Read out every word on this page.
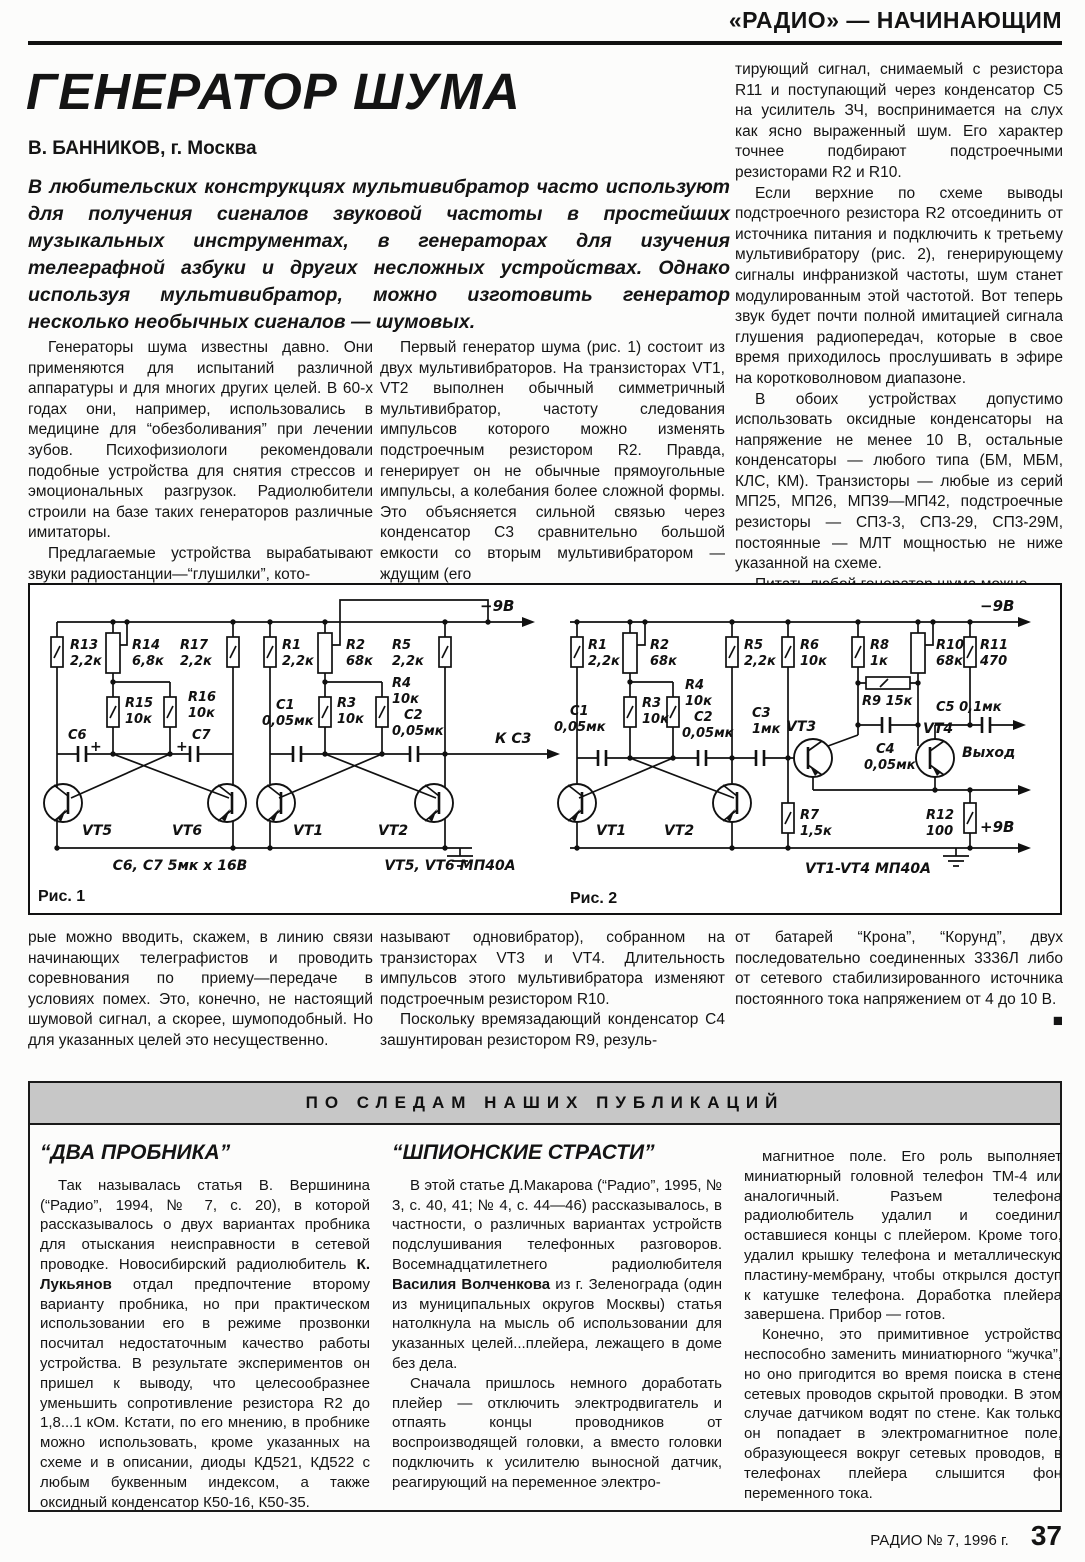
«РАДИО» — НАЧИНАЮЩИМ
ГЕНЕРАТОР ШУМА
В. БАННИКОВ, г. Москва
В любительских конструкциях мультивибратор часто используют для получения сигналов звуковой частоты в простейших музыкальных инструментах, в генераторах для изучения телеграфной азбуки и других несложных устройствах. Однако используя мультивибратор, можно изготовить генератор несколько необычных сигналов — шумовых.

Генераторы шума известны давно. Они применяются для испытаний различной аппаратуры и для многих других целей. В 60-х годах они, например, использовались в медицине для “обезболивания” при лечении зубов. Психофизиологи рекомендовали подобные устройства для снятия стрессов и эмоциональных разгрузок. Радиолюбители строили на базе таких генераторов различные имитаторы.

Предлагаемые устройства вырабатывают звуки радиостанции—“глушилки”, кото-

Первый генератор шума (рис. 1) состоит из двух мультивибраторов. На транзисторах VT1, VT2 выполнен обычный симметричный мультивибратор, частоту следования импульсов которого можно изменять подстроечным резистором R2. Правда, генерирует он не обычные прямоугольные импульсы, а колебания более сложной формы. Это объясняется сильной связью через конденсатор С3 сравнительно большой емкости со вторым мультивибратором — ждущим (его

тирующий сигнал, снимаемый с резистора R11 и поступающий через конденсатор С5 на усилитель ЗЧ, воспринимается на слух как ясно выраженный шум. Его характер точнее подбирают подстроечными резисторами R2 и R10.

Если верхние по схеме выводы подстроечного резистора R2 отсоединить от источника питания и подключить к третьему мультивибратору (рис. 2), генерирующему сигналы инфранизкой частоты, шум станет модулированным этой частотой. Вот теперь звук будет почти полной имитацией сигнала глушения радиопередач, которые в свое время приходилось прослушивать в эфире на коротковолновом диапазоне.

В обоих устройствах допустимо использовать оксидные конденсаторы на напряжение не менее 10 В, остальные конденсаторы — любого типа (БМ, МБМ, КЛС, КМ). Транзисторы — любые из серий МП25, МП26, МП39—МП42, подстроечные резисторы — СП3-3, СП3-29, СП3-29М, постоянные — МЛТ мощностью не ниже указанной на схеме.

R13
2,2к
R14
6,8к
R17
2,2к
R15
10к
R16
10к
С6
+
С7
+
VT5	VT6
R1
2,2к
R2
68к
R5
2,2к
R3
10к
R4
10к
С1
0,05мк	С2
0,05мк
VT1	VT2
К С3
−9В
С6, С7 5мк х 16В	VT5, VT6 МП40А
Рис. 1
R1
2,2к
R2
68к
R5
2,2к
R6
10к
R8
1к
R10
68к
R11
470
R3
10к
R4
10к
С1
0,05мк
С2
0,05мк
С3
1мк
R9 15к
С4
0,05мк
С5 0,1мк
VT3	VT4
VT1	VT2
R7
1,5к
R12
100
−9В
+9В
Выход
VT1-VT4 МП40А
Рис. 2

рые можно вводить, скажем, в линию связи начинающих телеграфистов и проводить соревнования по приему—передаче в условиях помех. Это, конечно, не настоящий шумовой сигнал, а скорее, шумоподобный. Но для указанных целей это несущественно.

называют одновибратор), собранном на транзисторах VT3 и VT4. Длительность импульсов этого мультивибратора изменяют подстроечным резистором R10.

Поскольку времязадающий конденсатор С4 зашунтирован резистором R9, резуль-

от батарей “Крона”, “Корунд”, двух последовательно соединенных 3336Л либо от сетевого стабилизированного источника постоянного тока напряжением от 4 до 10 В.

■

ПО СЛЕДАМ НАШИХ ПУБЛИКАЦИЙ
“ДВА ПРОБНИКА”

Так называлась статья В. Вершинина (“Радио”, 1994, № 7, с. 20), в которой рассказывалось о двух вариантах пробника для отыскания неисправности в сетевой проводке. Новосибирский радиолюбитель К. Лукьянов отдал предпочтение второму варианту пробника, но при практическом использовании его в режиме прозвонки посчитал недостаточным качество работы устройства. В результате экспериментов он пришел к выводу, что целесообразнее уменьшить сопротивление резистора R2 до 1,8...1 кОм. Кстати, по его мнению, в пробнике можно использовать, кроме указанных на схеме и в описании, диоды КД521, КД522 с любым буквенным индексом, а также оксидный конденсатор К50-16, К50-35.

“ШПИОНСКИЕ СТРАСТИ”

В этой статье Д.Макарова (“Радио”, 1995, № 3, с. 40, 41; № 4, с. 44—46) рассказывалось, в частности, о различных вариантах устройств подслушивания телефонных разговоров. Восемнадцатилетнего радиолюбителя Василия Волченкова из г. Зеленограда (один из муниципальных округов Москвы) статья натолкнула на мысль об использовании для указанных целей...плейера, лежащего в доме без дела.

Сначала пришлось немного доработать плейер — отключить электродвигатель и отпаять концы проводников от воспроизводящей головки, а вместо головки подключить к усилителю выносной датчик, реагирующий на переменное электро-

магнитное поле. Его роль выполняет миниатюрный головной телефон ТМ-4 или аналогичный. Разъем телефона радиолюбитель удалил и соединил оставшиеся концы с плейером. Кроме того, удалил крышку телефона и металлическую пластину-мембрану, чтобы открылся доступ к катушке телефона. Доработка плейера завершена. Прибор — готов.

Конечно, это примитивное устройство неспособно заменить миниатюрного “жучка”, но оно пригодится во время поиска в стене сетевых проводов скрытой проводки. В этом случае датчиком водят по стене. Как только он попадает в электромагнитное поле, образующееся вокруг сетевых проводов, в телефонах плейера слышится фон переменного тока.

РАДИО № 7, 1996 г. 37
